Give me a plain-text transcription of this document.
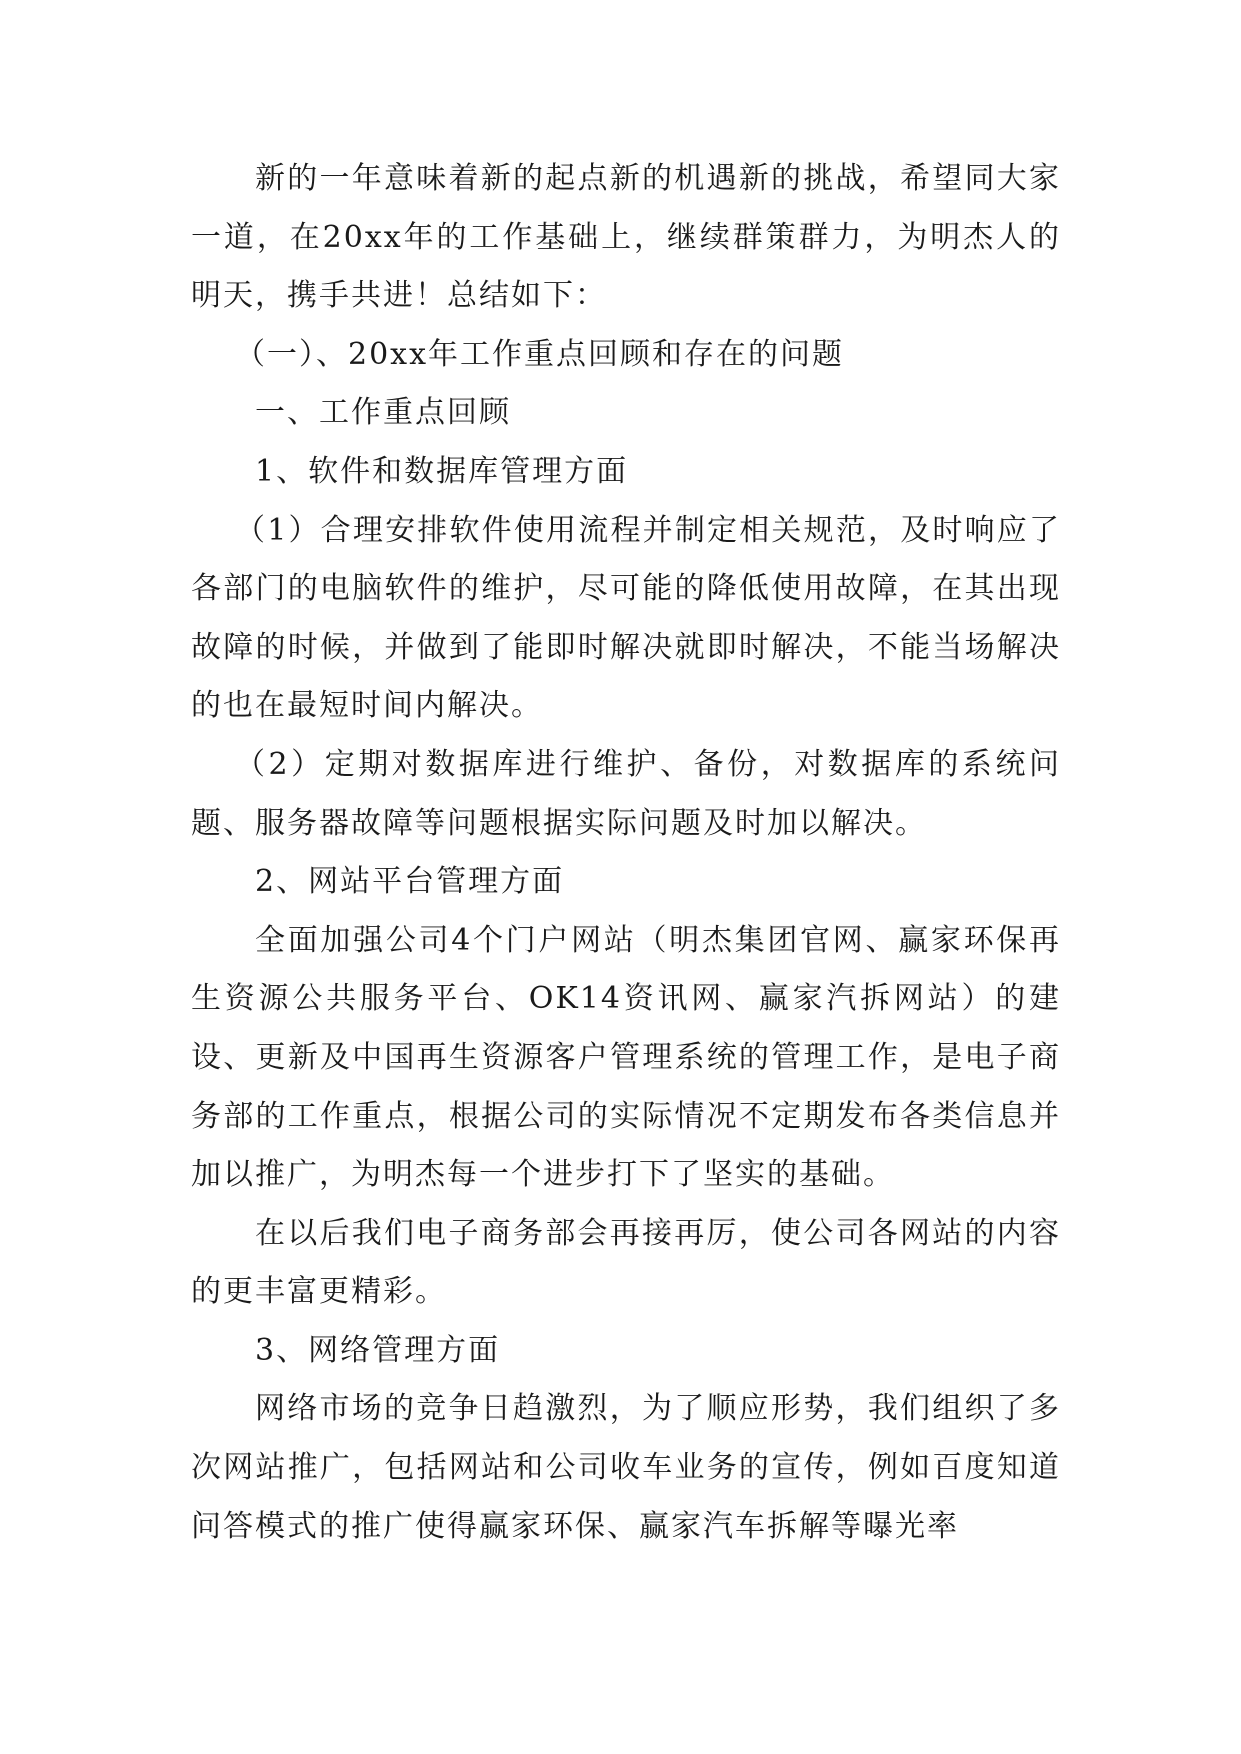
新的一年意味着新的起点新的机遇新的挑战，希望同大家一道，在20xx年的工作基础上，继续群策群力，为明杰人的明天，携手共进！总结如下：

（一）、20xx年工作重点回顾和存在的问题

一、工作重点回顾

1、软件和数据库管理方面

（1）合理安排软件使用流程并制定相关规范，及时响应了各部门的电脑软件的维护，尽可能的降低使用故障，在其出现故障的时候，并做到了能即时解决就即时解决，不能当场解决的也在最短时间内解决。

（2）定期对数据库进行维护、备份，对数据库的系统问题、服务器故障等问题根据实际问题及时加以解决。

2、网站平台管理方面

全面加强公司4个门户网站（明杰集团官网、赢家环保再生资源公共服务平台、OK14资讯网、赢家汽拆网站）的建设、更新及中国再生资源客户管理系统的管理工作，是电子商务部的工作重点，根据公司的实际情况不定期发布各类信息并加以推广，为明杰每一个进步打下了坚实的基础。

在以后我们电子商务部会再接再厉，使公司各网站的内容的更丰富更精彩。

3、网络管理方面

网络市场的竞争日趋激烈，为了顺应形势，我们组织了多次网站推广，包括网站和公司收车业务的宣传，例如百度知道问答模式的推广使得赢家环保、赢家汽车拆解等曝光率
